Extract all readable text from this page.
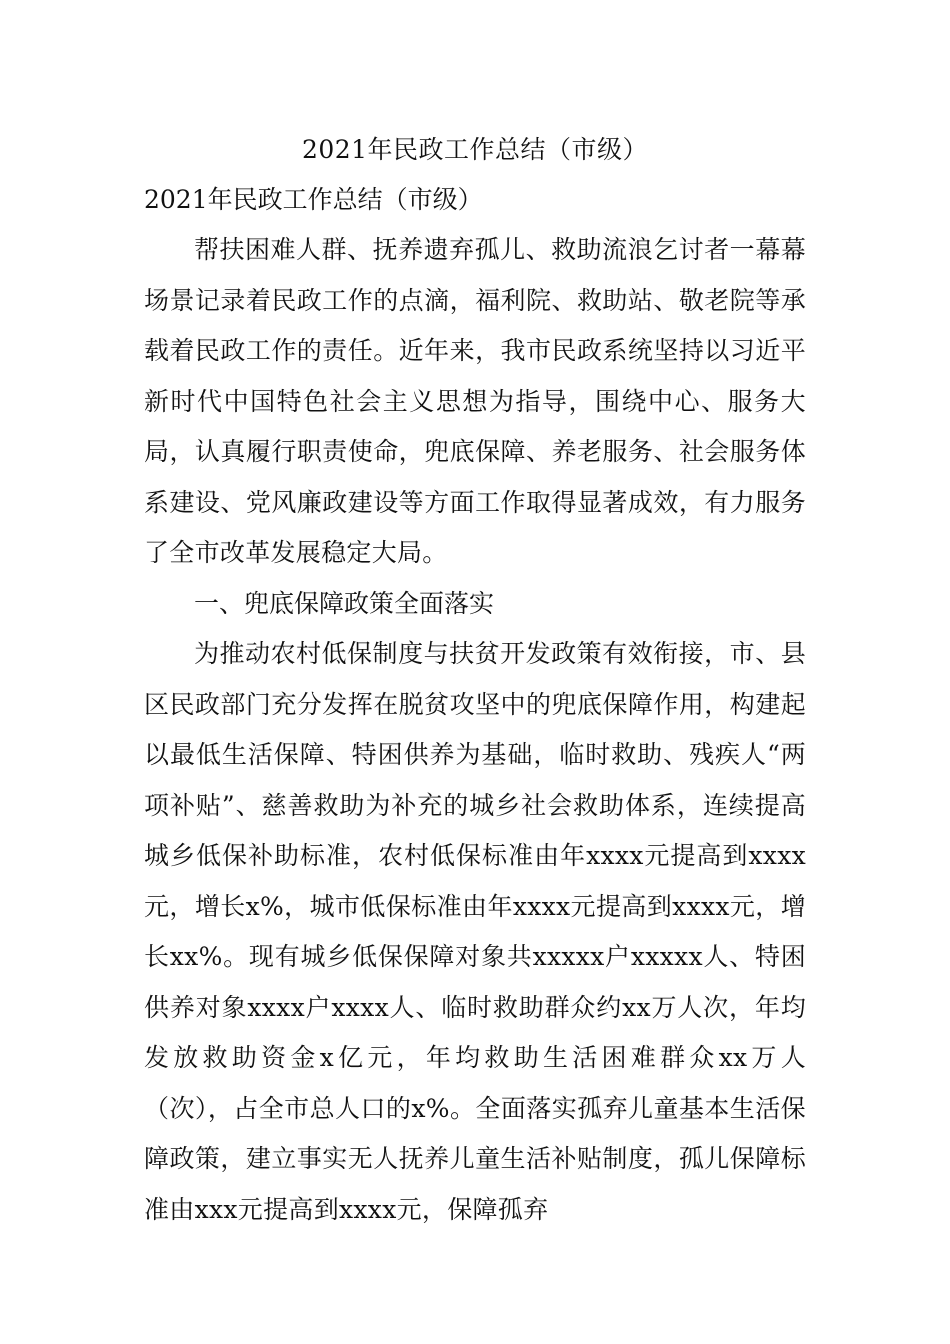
2021年民政工作总结（市级）
2021年民政工作总结（市级）

帮扶困难人群、抚养遗弃孤儿、救助流浪乞讨者一幕幕场景记录着民政工作的点滴，福利院、救助站、敬老院等承载着民政工作的责任。近年来，我市民政系统坚持以习近平新时代中国特色社会主义思想为指导，围绕中心、服务大局，认真履行职责使命，兜底保障、养老服务、社会服务体系建设、党风廉政建设等方面工作取得显著成效，有力服务了全市改革发展稳定大局。

一、兜底保障政策全面落实

为推动农村低保制度与扶贫开发政策有效衔接，市、县区民政部门充分发挥在脱贫攻坚中的兜底保障作用，构建起以最低生活保障、特困供养为基础，临时救助、残疾人“两项补贴”、慈善救助为补充的城乡社会救助体系，连续提高城乡低保补助标准，农村低保标准由年xxxx元提高到xxxx元，增长x%，城市低保标准由年xxxx元提高到xxxx元，增长xx%。现有城乡低保保障对象共xxxxx户xxxxx人、特困供养对象xxxx户xxxx人、临时救助群众约xx万人次，年均发放救助资金x亿元，年均救助生活困难群众xx万人（次），占全市总人口的x%。全面落实孤弃儿童基本生活保障政策，建立事实无人抚养儿童生活补贴制度，孤儿保障标准由xxx元提高到xxxx元，保障孤弃
